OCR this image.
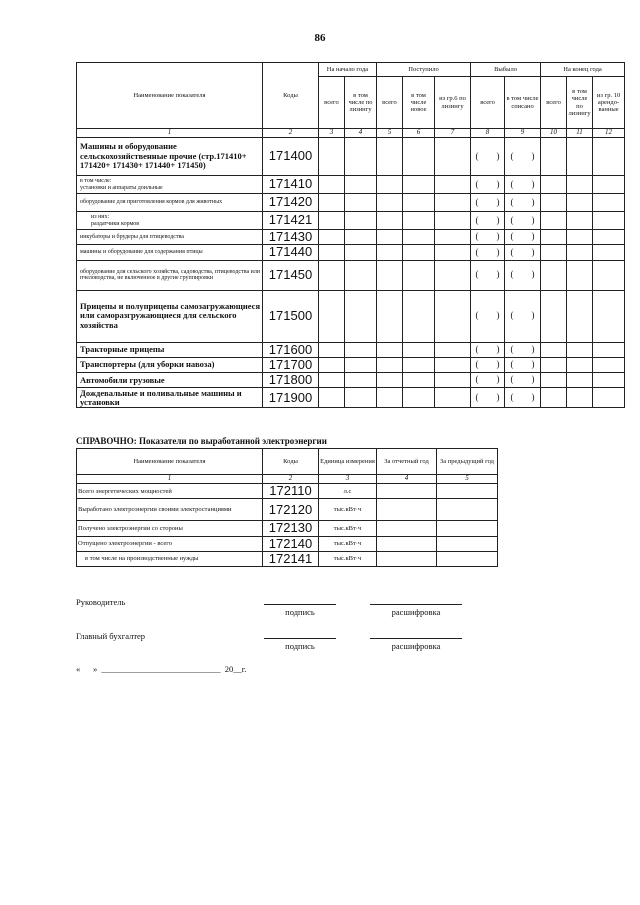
86
Наименование показателя	Коды	На начало года		Поступило			Выбыло		На конец года		
		всего	в том числе по лизингу	всего	в том числе новое	из гр.6 по лизингу	всего	в том числе списано	всего	в том числе по лизингу	из гр. 10 арендо-ванные
1	2	3	4	5	6	7	8	9	10	11	12
Машины и оборудование сельскохозяйственные прочие (стр.171410+ 171420+ 171430+ 171440+ 171450)	171400						(        )	(        )			
в том числе:
установки и аппараты доильные	171410						(        )	(        )			
оборудование для приготовления кормов для животных	171420						(        )	(        )			
из них:
раздатчики кормов	171421						(        )	(        )			
инкубаторы и брудеры для птицеводства	171430						(        )	(        )			
машины и оборудование для содержания птицы	171440						(        )	(        )			
оборудование для сельского хозяйства, садоводства, птицеводства или пчеловодства, не включенное в другие группировки	171450						(        )	(        )			
Прицепы и полуприцепы самозагружающиеся или саморазгружающиеся для сельского хозяйства	171500						(        )	(        )			
Тракторные прицепы	171600						(        )	(        )			
Транспортеры (для уборки навоза)	171700						(        )	(        )			
Автомобили грузовые	171800						(        )	(        )			
Дождевальные и поливальные машины и установки	171900						(        )	(        )			
СПРАВОЧНО: Показатели по выработанной электроэнергии
Наименование показателя	Коды	Единица измерения	За отчетный год	За предыдущий год
1	2	3	4	5
Всего энергетических мощностей	172110	л.с		
Выработано электроэнергии своими электростанциями	172120	тыс.кВт·ч		
Получено электроэнергии со стороны	172130	тыс.кВт·ч		
Отпущено электроэнергии - всего	172140	тыс.кВт·ч		
в том числе на производственные нужды	172141	тыс.кВт·ч		
Руководитель
подпись	расшифровка
Главный бухгалтер
подпись	расшифровка
«      »  ____________________________  20__г.
